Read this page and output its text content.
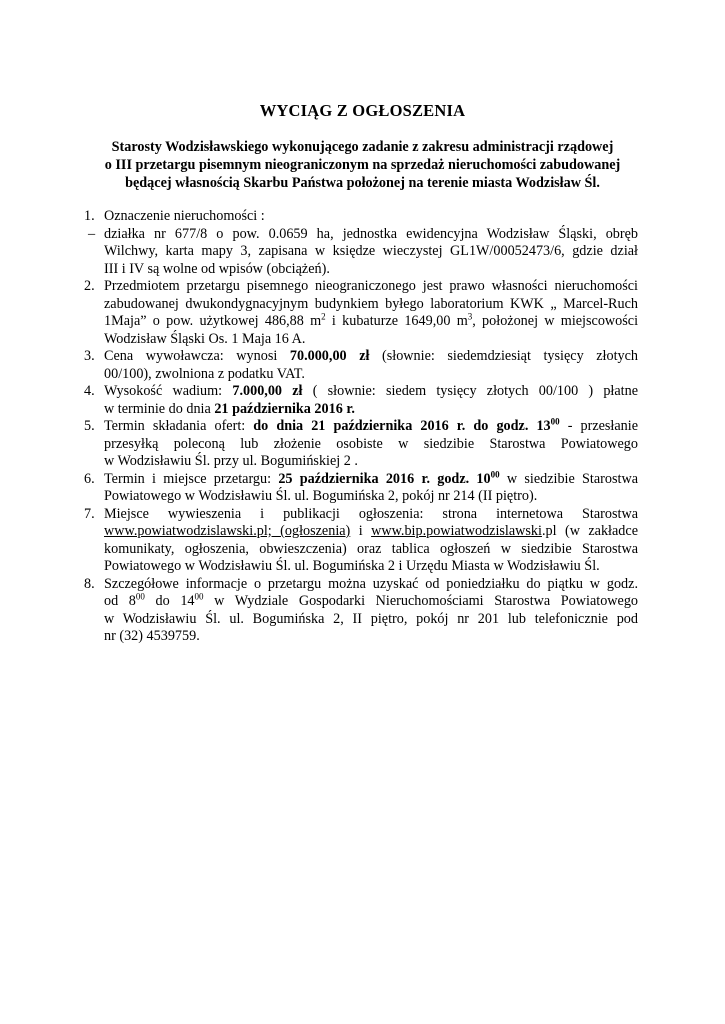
WYCIĄG Z OGŁOSZENIA
Starosty Wodzisławskiego wykonującego zadanie z zakresu administracji rządowej
o III przetargu pisemnym nieograniczonym na sprzedaż nieruchomości zabudowanej
będącej własnością Skarbu Państwa położonej na terenie miasta Wodzisław Śl.
1. Oznaczenie nieruchomości :
– działka nr 677/8 o pow. 0.0659 ha, jednostka ewidencyjna Wodzisław Śląski, obręb
Wilchwy, karta mapy 3, zapisana w księdze wieczystej GL1W/00052473/6, gdzie dział
III i IV są wolne od wpisów (obciążeń).
2. Przedmiotem przetargu pisemnego nieograniczonego jest prawo własności nieruchomości
zabudowanej dwukondygnacyjnym budynkiem byłego laboratorium KWK „ Marcel-Ruch
1Maja” o pow. użytkowej 486,88 $m^2$ i kubaturze 1649,00 $m^3$, położonej w miejscowości
Wodzisław Śląski Os. 1 Maja 16 A.
3. Cena wywoławcza: wynosi 70.000,00 zł (słownie: siedemdziesiąt tysięcy złotych
00/100), zwolniona z podatku VAT.
4. Wysokość wadium: 7.000,00 zł ( słownie: siedem tysięcy złotych 00/100 ) płatne
w terminie do dnia 21 października 2016 r.
5. Termin składania ofert: do dnia 21 października 2016 r. do godz. $13^{00}$ - przesłanie
przesyłką poleconą lub złożenie osobiste w siedzibie Starostwa Powiatowego
w Wodzisławiu Śl. przy ul. Bogumińskiej 2 .
6. Termin i miejsce przetargu: 25 października 2016 r. godz. $10^{00}$ w siedzibie Starostwa
Powiatowego w Wodzisławiu Śl. ul. Bogumińska 2, pokój nr 214 (II piętro).
7. Miejsce wywieszenia i publikacji ogłoszenia: strona internetowa Starostwa
www.powiatwodzislawski.pl; (ogłoszenia) i www.bip.powiatwodzislawski.pl (w zakładce
komunikaty, ogłoszenia, obwieszczenia) oraz tablica ogłoszeń w siedzibie Starostwa
Powiatowego w Wodzisławiu Śl. ul. Bogumińska 2 i Urzędu Miasta w Wodzisławiu Śl.
8. Szczegółowe informacje o przetargu można uzyskać od poniedziałku do piątku w godz.
od $8^{00}$ do $14^{00}$ w Wydziale Gospodarki Nieruchomościami Starostwa Powiatowego
w Wodzisławiu Śl. ul. Bogumińska 2, II piętro, pokój nr 201 lub telefonicznie pod
nr (32) 4539759.
